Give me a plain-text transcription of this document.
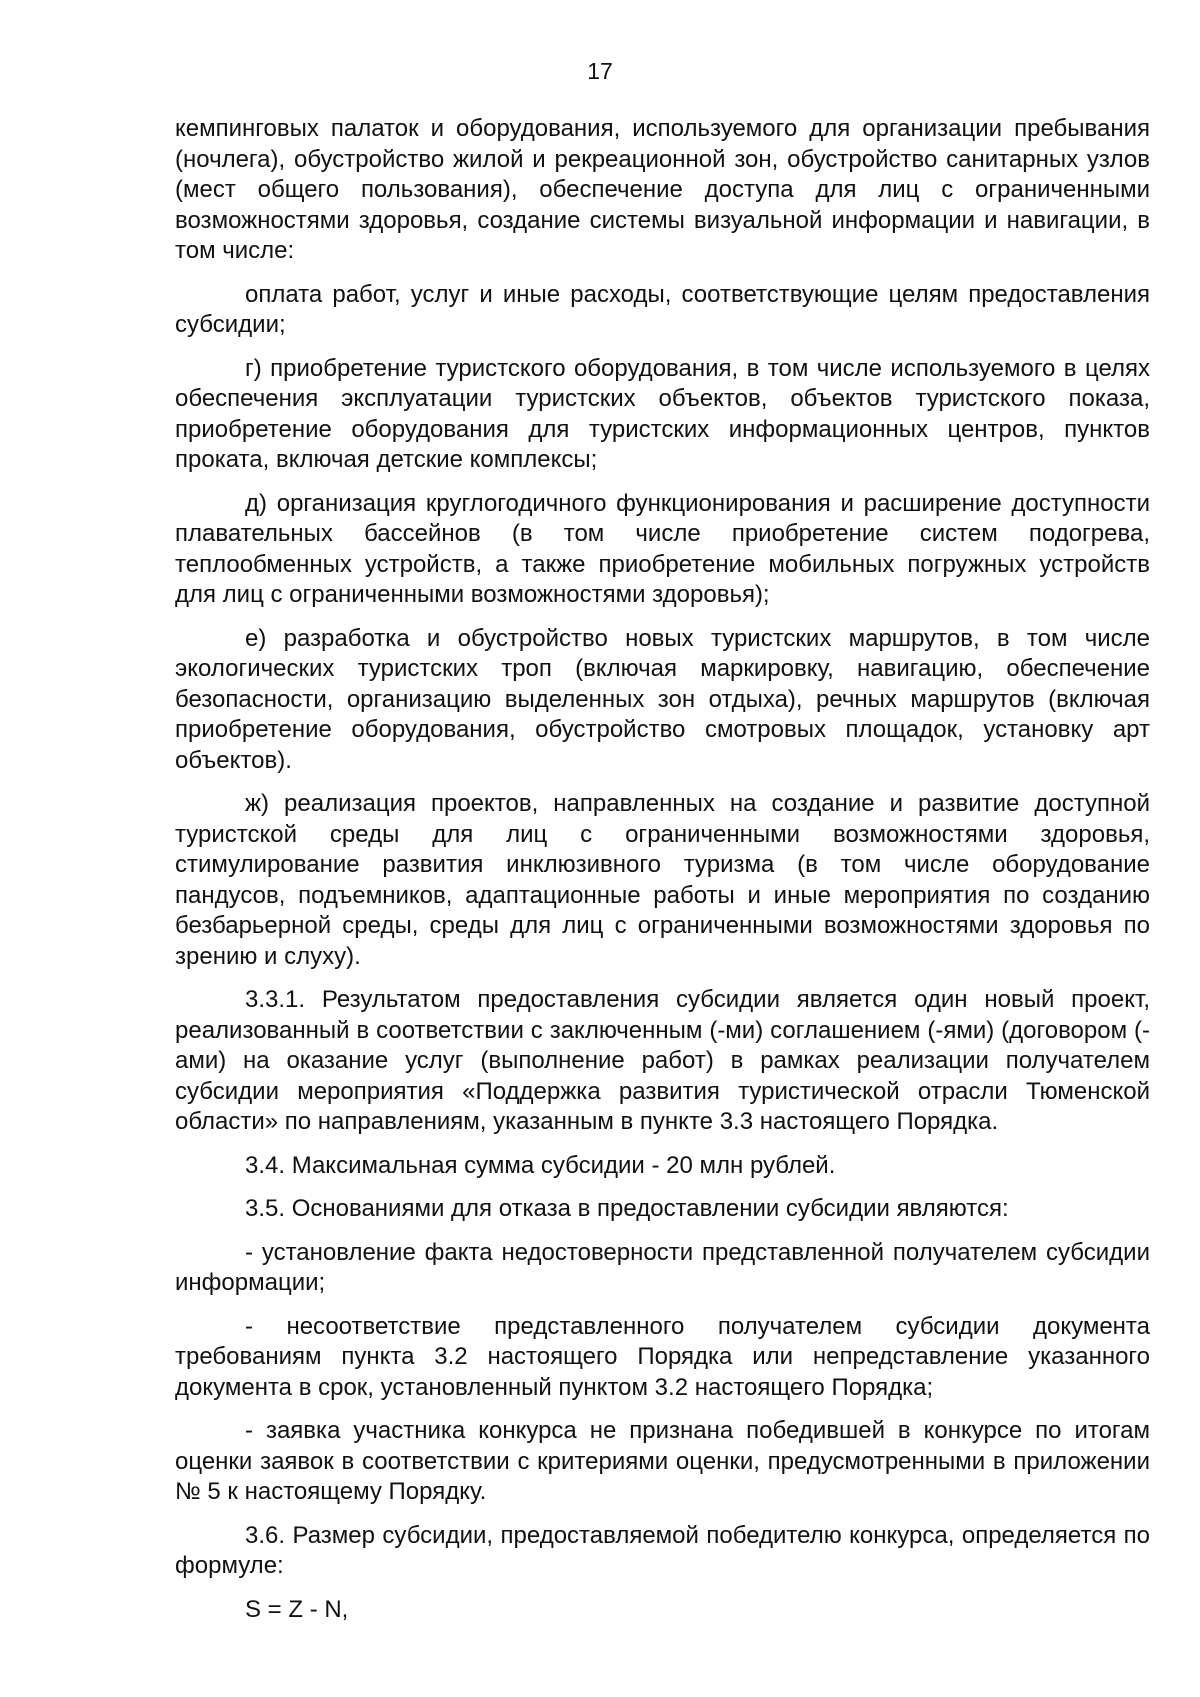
17

кемпинговых палаток и оборудования, используемого для организации пребывания (ночлега), обустройство жилой и рекреационной зон, обустройство санитарных узлов (мест общего пользования), обеспечение доступа для лиц с ограниченными возможностями здоровья, создание системы визуальной информации и навигации, в том числе:

оплата работ, услуг и иные расходы, соответствующие целям предоставления субсидии;

г) приобретение туристского оборудования, в том числе используемого в целях обеспечения эксплуатации туристских объектов, объектов туристского показа, приобретение оборудования для туристских информационных центров, пунктов проката, включая детские комплексы;

д) организация круглогодичного функционирования и расширение доступности плавательных бассейнов (в том числе приобретение систем подогрева, теплообменных устройств, а также приобретение мобильных погружных устройств для лиц с ограниченными возможностями здоровья);

е) разработка и обустройство новых туристских маршрутов, в том числе экологических туристских троп (включая маркировку, навигацию, обеспечение безопасности, организацию выделенных зон отдыха), речных маршрутов (включая приобретение оборудования, обустройство смотровых площадок, установку арт объектов).

ж) реализация проектов, направленных на создание и развитие доступной туристской среды для лиц с ограниченными возможностями здоровья, стимулирование развития инклюзивного туризма (в том числе оборудование пандусов, подъемников, адаптационные работы и иные мероприятия по созданию безбарьерной среды, среды для лиц с ограниченными возможностями здоровья по зрению и слуху).

3.3.1. Результатом предоставления субсидии является один новый проект, реализованный в соответствии с заключенным (-ми) соглашением (-ями) (договором (-ами) на оказание услуг (выполнение работ) в рамках реализации получателем субсидии мероприятия «Поддержка развития туристической отрасли Тюменской области» по направлениям, указанным в пункте 3.3 настоящего Порядка.

3.4. Максимальная сумма субсидии - 20 млн рублей.

3.5. Основаниями для отказа в предоставлении субсидии являются:

- установление факта недостоверности представленной получателем субсидии информации;

- несоответствие представленного получателем субсидии документа требованиям пункта 3.2 настоящего Порядка или непредставление указанного документа в срок, установленный пунктом 3.2 настоящего Порядка;

- заявка участника конкурса не признана победившей в конкурсе по итогам оценки заявок в соответствии с критериями оценки, предусмотренными в приложении № 5 к настоящему Порядку.

3.6. Размер субсидии, предоставляемой победителю конкурса, определяется по формуле:

S = Z - N,
